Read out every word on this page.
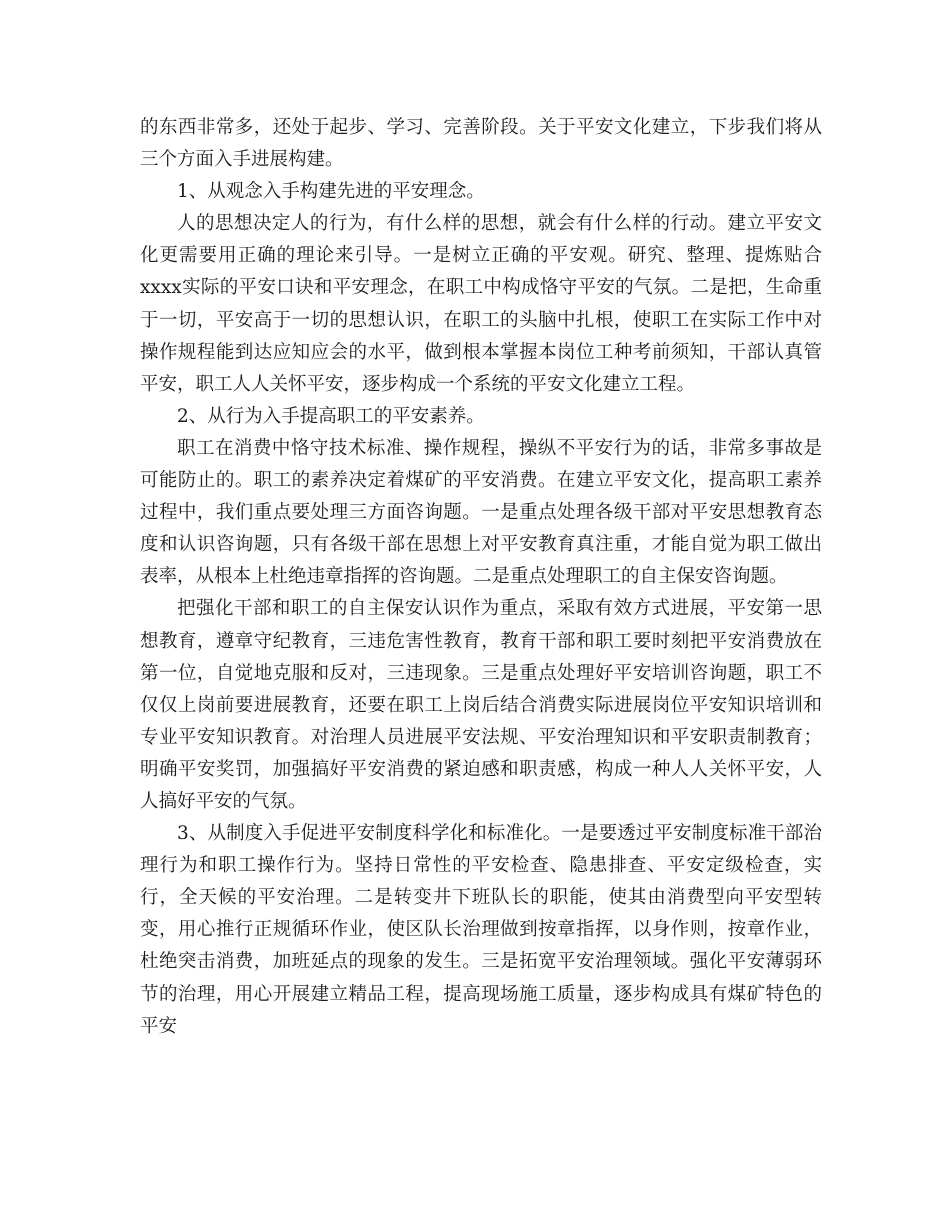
的东西非常多，还处于起步、学习、完善阶段。关于平安文化建立，下步我们将从三个方面入手进展构建。

1、从观念入手构建先进的平安理念。

人的思想决定人的行为，有什么样的思想，就会有什么样的行动。建立平安文化更需要用正确的理论来引导。一是树立正确的平安观。研究、整理、提炼贴合xxxx实际的平安口诀和平安理念，在职工中构成恪守平安的气氛。二是把，生命重于一切，平安高于一切的思想认识，在职工的头脑中扎根，使职工在实际工作中对操作规程能到达应知应会的水平，做到根本掌握本岗位工种考前须知，干部认真管平安，职工人人关怀平安，逐步构成一个系统的平安文化建立工程。

2、从行为入手提高职工的平安素养。

职工在消费中恪守技术标准、操作规程，操纵不平安行为的话，非常多事故是可能防止的。职工的素养决定着煤矿的平安消费。在建立平安文化，提高职工素养过程中，我们重点要处理三方面咨询题。一是重点处理各级干部对平安思想教育态度和认识咨询题，只有各级干部在思想上对平安教育真注重，才能自觉为职工做出表率，从根本上杜绝违章指挥的咨询题。二是重点处理职工的自主保安咨询题。

把强化干部和职工的自主保安认识作为重点，采取有效方式进展，平安第一思想教育，遵章守纪教育，三违危害性教育，教育干部和职工要时刻把平安消费放在第一位，自觉地克服和反对，三违现象。三是重点处理好平安培训咨询题，职工不仅仅上岗前要进展教育，还要在职工上岗后结合消费实际进展岗位平安知识培训和专业平安知识教育。对治理人员进展平安法规、平安治理知识和平安职责制教育；明确平安奖罚，加强搞好平安消费的紧迫感和职责感，构成一种人人关怀平安，人人搞好平安的气氛。

3、从制度入手促进平安制度科学化和标准化。一是要透过平安制度标准干部治理行为和职工操作行为。坚持日常性的平安检查、隐患排查、平安定级检查，实行，全天候的平安治理。二是转变井下班队长的职能，使其由消费型向平安型转变，用心推行正规循环作业，使区队长治理做到按章指挥，以身作则，按章作业，杜绝突击消费，加班延点的现象的发生。三是拓宽平安治理领域。强化平安薄弱环节的治理，用心开展建立精品工程，提高现场施工质量，逐步构成具有煤矿特色的平安
